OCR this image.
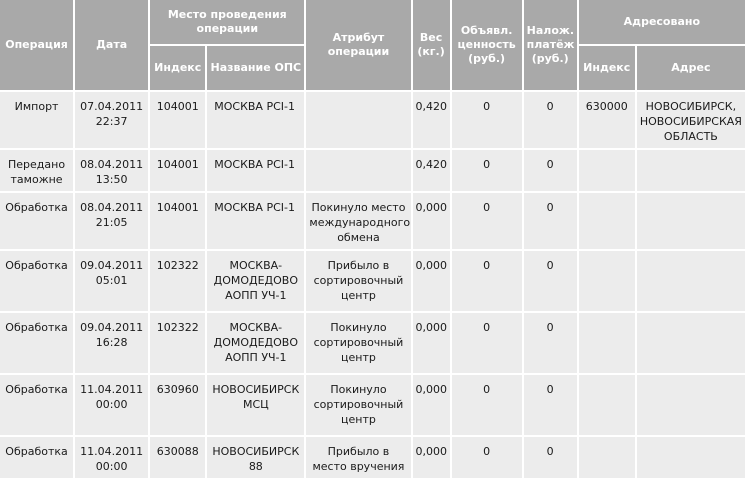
Операция	Дата	Место проведения операции		Атрибут операции	Вес (кг.)	Объявл. ценность (руб.)	Налож. платёж (руб.)	Адресовано	
		Индекс	Название ОПС					Индекс	Адрес
Импорт	07.04.2011 22:37	104001	МОСКВА PCI-1		0,420	0	0	630000	НОВОСИБИРСК, НОВОСИБИРСКАЯ ОБЛАСТЬ
Передано таможне	08.04.2011 13:50	104001	МОСКВА PCI-1		0,420	0	0		
Обработка	08.04.2011 21:05	104001	МОСКВА PCI-1	Покинуло место международного обмена	0,000	0	0		
Обработка	09.04.2011 05:01	102322	МОСКВА-ДОМОДЕДОВО АОПП УЧ-1	Прибыло в сортировочный центр	0,000	0	0		
Обработка	09.04.2011 16:28	102322	МОСКВА-ДОМОДЕДОВО АОПП УЧ-1	Покинуло сортировочный центр	0,000	0	0		
Обработка	11.04.2011 00:00	630960	НОВОСИБИРСК МСЦ	Покинуло сортировочный центр	0,000	0	0		
Обработка	11.04.2011 00:00	630088	НОВОСИБИРСК 88	Прибыло в место вручения	0,000	0	0		
